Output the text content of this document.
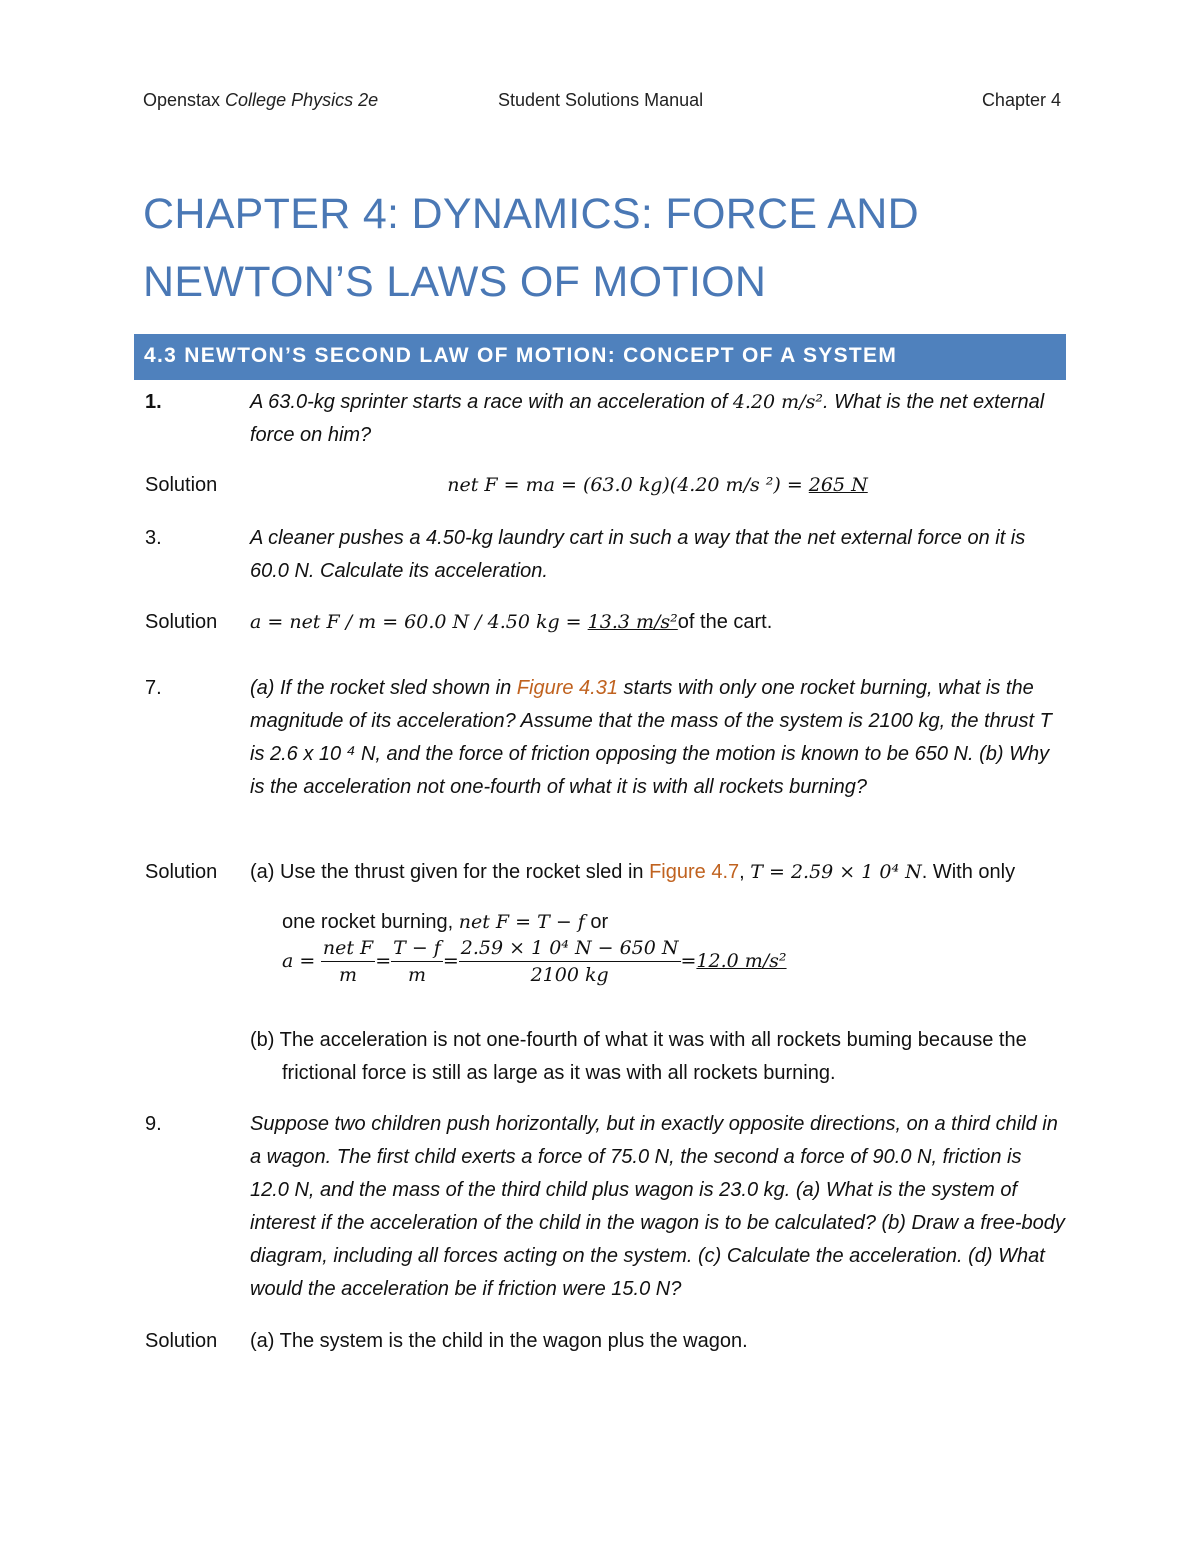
Openstax College Physics 2e	Student Solutions Manual	Chapter 4
CHAPTER 4: DYNAMICS: FORCE AND
NEWTON’S LAWS OF MOTION
4.3 NEWTON’S SECOND LAW OF MOTION: CONCEPT OF A SYSTEM
1.	A 63.0-kg sprinter starts a race with an acceleration of 4.20 m/s². What is the net external force on him?
Solution	net F = ma = (63.0 kg)(4.20 m/s ²) = 265 N
3.	A cleaner pushes a 4.50-kg laundry cart in such a way that the net external force on it is 60.0 N. Calculate its acceleration.
Solution a = net F / m = 60.0 N / 4.50 kg = 13.3 m/s²of the cart.
7.	(a) If the rocket sled shown in Figure 4.31 starts with only one rocket burning, what is the magnitude of its acceleration? Assume that the mass of the system is 2100 kg, the thrust T is 2.6 x 10 ⁴ N, and the force of friction opposing the motion is known to be 650 N. (b) Why is the acceleration not one-fourth of what it is with all rockets burning?
Solution (a) Use the thrust given for the rocket sled in Figure 4.7, T = 2.59 × 1 0⁴ N. With only
one rocket burning, net F = T − f or
$a = \frac{\text{net F}}{m} = \frac{T - f}{m} = \frac{\text{2.59 × 1 0⁴ N − 650 N}}{2100 kg} =12.0$ m/s²
(b) The acceleration is not one-fourth of what it was with all rockets buming because the frictional force is still as large as it was with all rockets burning.
9.	Suppose two children push horizontally, but in exactly opposite directions, on a third child in a wagon. The first child exerts a force of 75.0 N, the second a force of 90.0 N, friction is 12.0 N, and the mass of the third child plus wagon is 23.0 kg. (a) What is the system of interest if the acceleration of the child in the wagon is to be calculated? (b) Draw a free-body diagram, including all forces acting on the system. (c) Calculate the acceleration. (d) What would the acceleration be if friction were 15.0 N?
Solution (a) The system is the child in the wagon plus the wagon.
